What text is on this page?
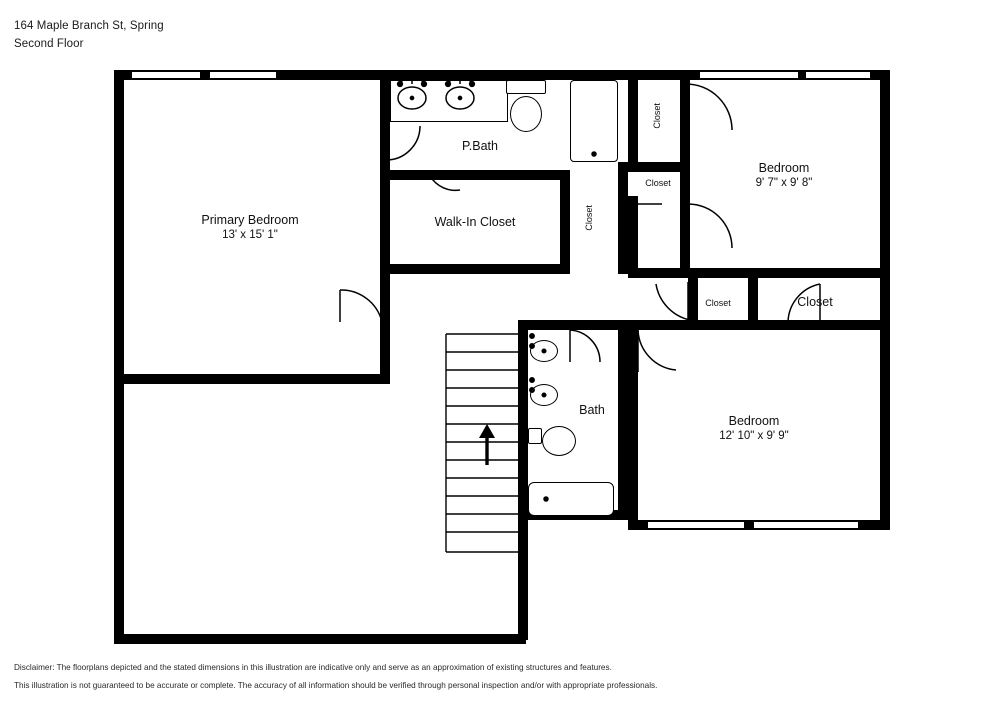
164 Maple Branch St, Spring
Second Floor
Primary Bedroom
13' x 15' 1"
P.Bath
Walk-In Closet
Bedroom
9' 7" x 9' 8"
Bedroom
12' 10" x 9' 9"
Bath
Closet
Closet
Closet
Closet	Closet
Disclaimer: The floorplans depicted and the stated dimensions in this illustration are indicative only and serve as an approximation of existing structures and features.
This illustration is not guaranteed to be accurate or complete. The accuracy of all information should be verified through personal inspection and/or with appropriate professionals.
